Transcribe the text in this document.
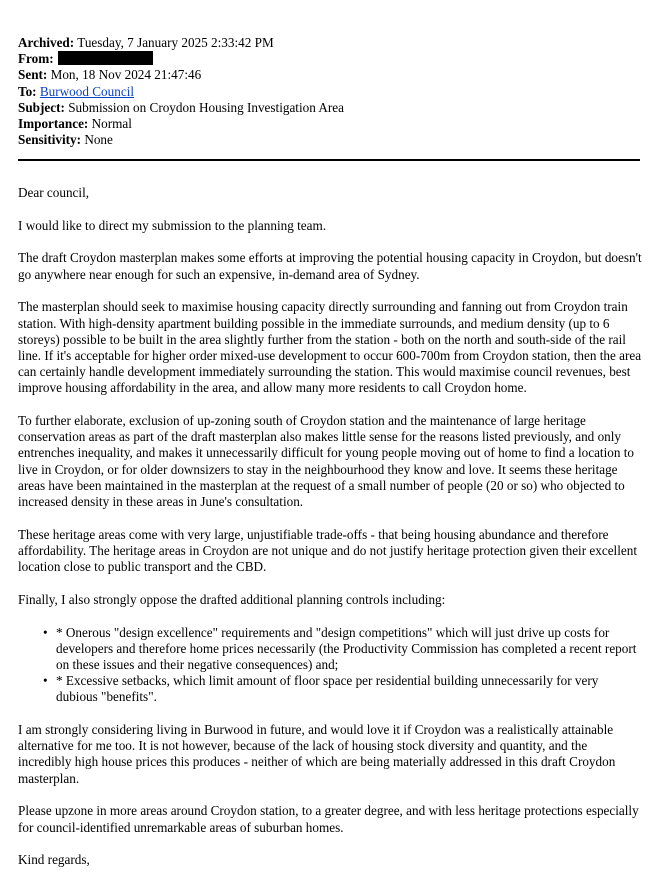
Archived: Tuesday, 7 January 2025 2:33:42 PM
From:
Sent: Mon, 18 Nov 2024 21:47:46
To: Burwood Council
Subject: Submission on Croydon Housing Investigation Area
Importance: Normal
Sensitivity: None

Dear council,

I would like to direct my submission to the planning team.

The draft Croydon masterplan makes some efforts at improving the potential housing capacity in Croydon, but doesn't go anywhere near enough for such an expensive, in-demand area of Sydney.

The masterplan should seek to maximise housing capacity directly surrounding and fanning out from Croydon train station. With high-density apartment building possible in the immediate surrounds, and medium density (up to 6 storeys) possible to be built in the area slightly further from the station - both on the north and south-side of the rail line. If it's acceptable for higher order mixed-use development to occur 600-700m from Croydon station, then the area can certainly handle development immediately surrounding the station. This would maximise council revenues, best improve housing affordability in the area, and allow many more residents to call Croydon home.

To further elaborate, exclusion of up-zoning south of Croydon station and the maintenance of large heritage conservation areas as part of the draft masterplan also makes little sense for the reasons listed previously, and only entrenches inequality, and makes it unnecessarily difficult for young people moving out of home to find a location to live in Croydon, or for older downsizers to stay in the neighbourhood they know and love. It seems these heritage areas have been maintained in the masterplan at the request of a small number of people (20 or so) who objected to increased density in these areas in June's consultation.

These heritage areas come with very large, unjustifiable trade-offs - that being housing abundance and therefore affordability. The heritage areas in Croydon are not unique and do not justify heritage protection given their excellent location close to public transport and the CBD.

Finally, I also strongly oppose the drafted additional planning controls including:

• * Onerous "design excellence" requirements and "design competitions" which will just drive up costs for developers and therefore home prices necessarily (the Productivity Commission has completed a recent report on these issues and their negative consequences) and;
• * Excessive setbacks, which limit amount of floor space per residential building unnecessarily for very dubious "benefits".

I am strongly considering living in Burwood in future, and would love it if Croydon was a realistically attainable alternative for me too. It is not however, because of the lack of housing stock diversity and quantity, and the incredibly high house prices this produces - neither of which are being materially addressed in this draft Croydon masterplan.

Please upzone in more areas around Croydon station, to a greater degree, and with less heritage protections especially for council-identified unremarkable areas of suburban homes.

Kind regards,
